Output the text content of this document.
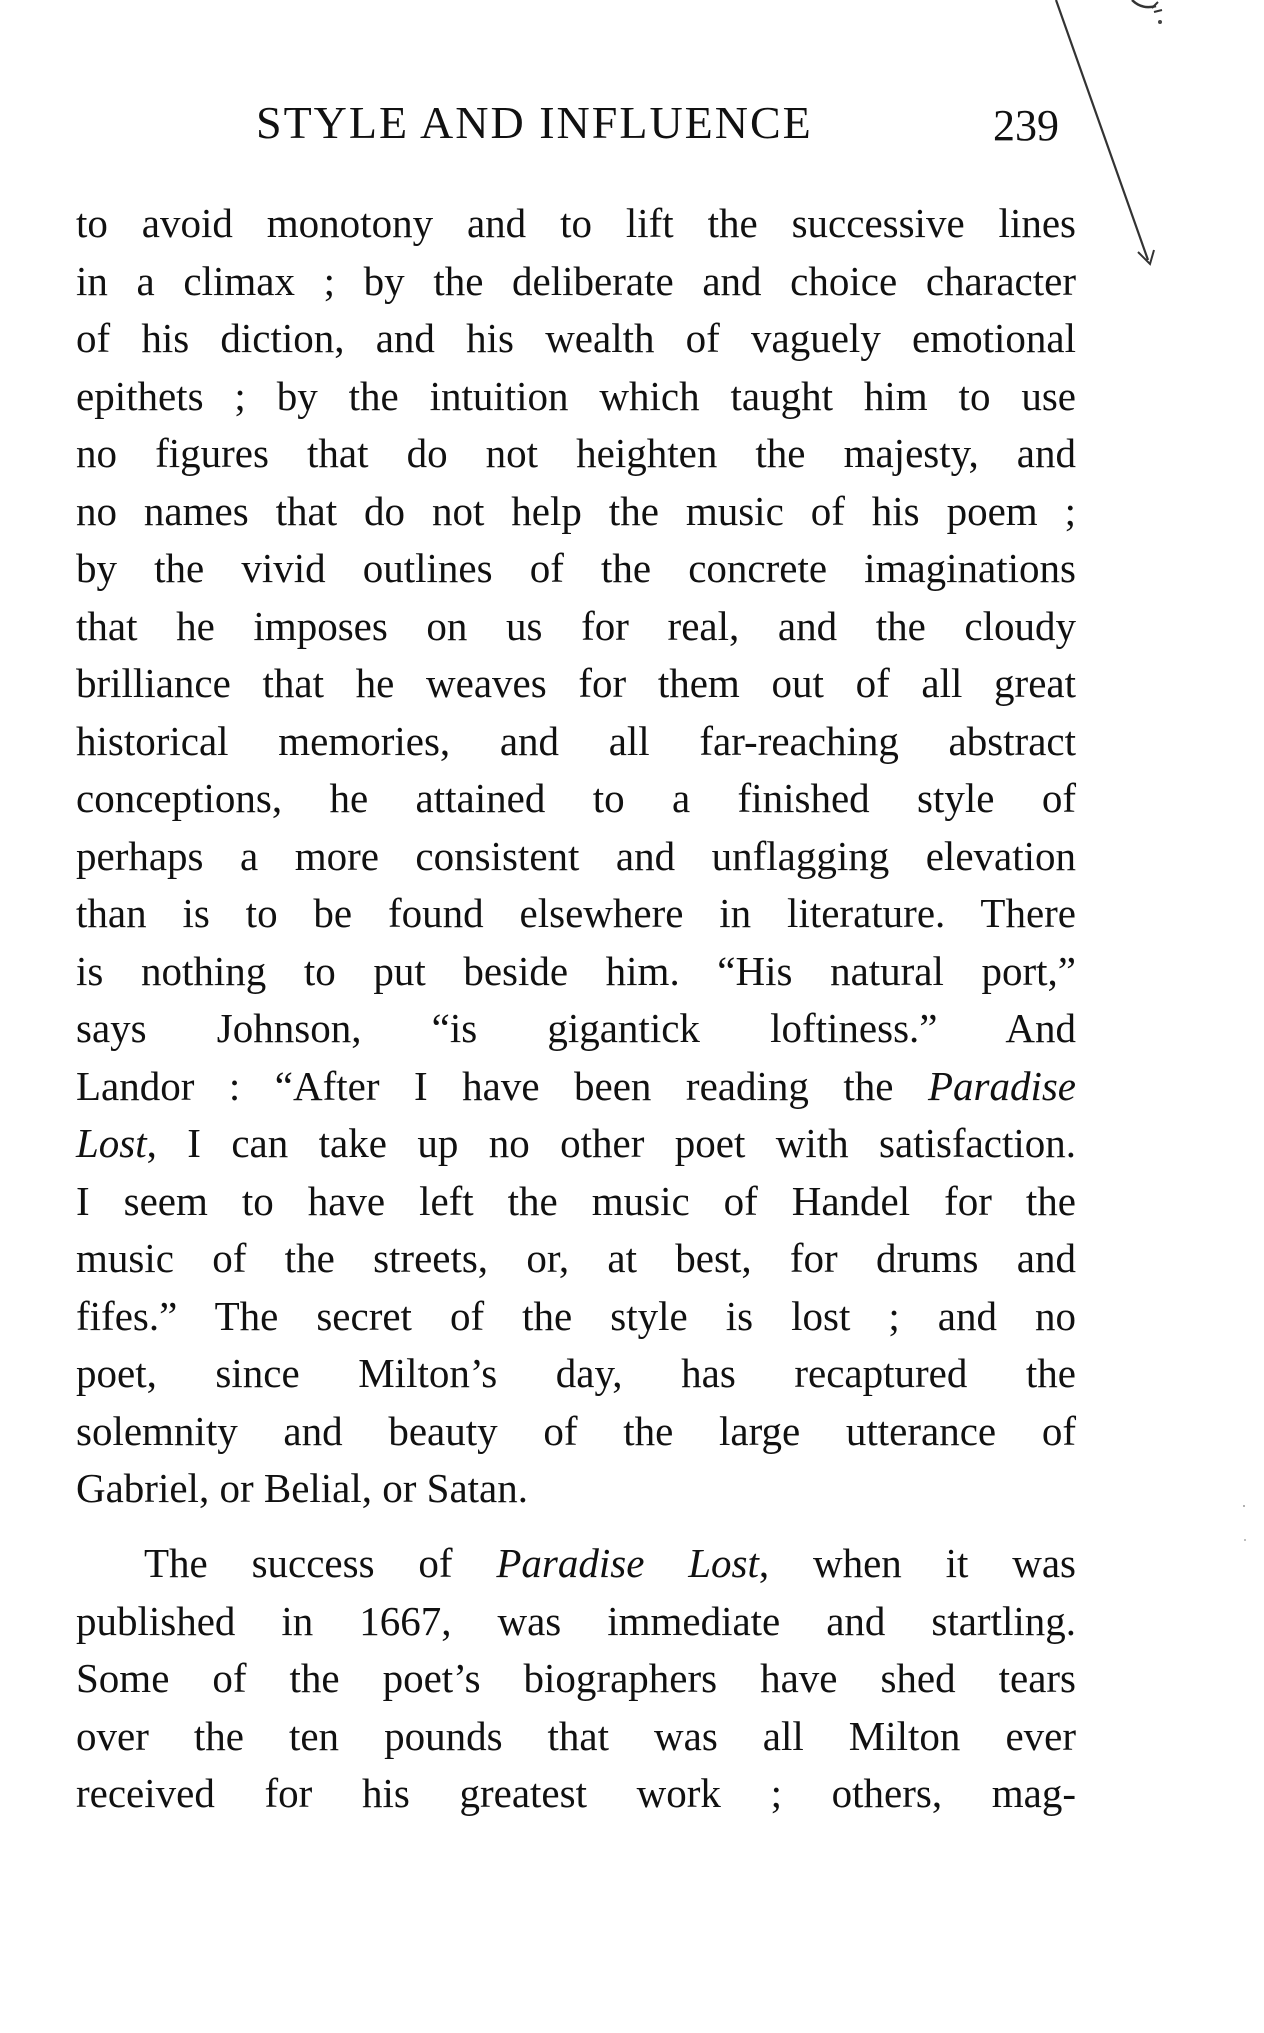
STYLE AND INFLUENCE	239
to avoid monotony and to lift the successive lines
in a climax ; by the deliberate and choice character
of his diction, and his wealth of vaguely emotional
epithets ; by the intuition which taught him to use
no figures that do not heighten the majesty, and
no names that do not help the music of his poem ;
by the vivid outlines of the concrete imaginations
that he imposes on us for real, and the cloudy
brilliance that he weaves for them out of all great
historical memories, and all far-reaching abstract
conceptions, he attained to a finished style of
perhaps a more consistent and unflagging elevation
than is to be found elsewhere in literature. There
is nothing to put beside him. “His natural port,”
says Johnson, “is gigantick loftiness.” And
Landor : “After I have been reading the Paradise
Lost, I can take up no other poet with satisfaction.
I seem to have left the music of Handel for the
music of the streets, or, at best, for drums and
fifes.” The secret of the style is lost ; and no
poet, since Milton’s day, has recaptured the
solemnity and beauty of the large utterance of
Gabriel, or Belial, or Satan.
The success of Paradise Lost, when it was
published in 1667, was immediate and startling.
Some of the poet’s biographers have shed tears
over the ten pounds that was all Milton ever
received for his greatest work ; others, mag-
